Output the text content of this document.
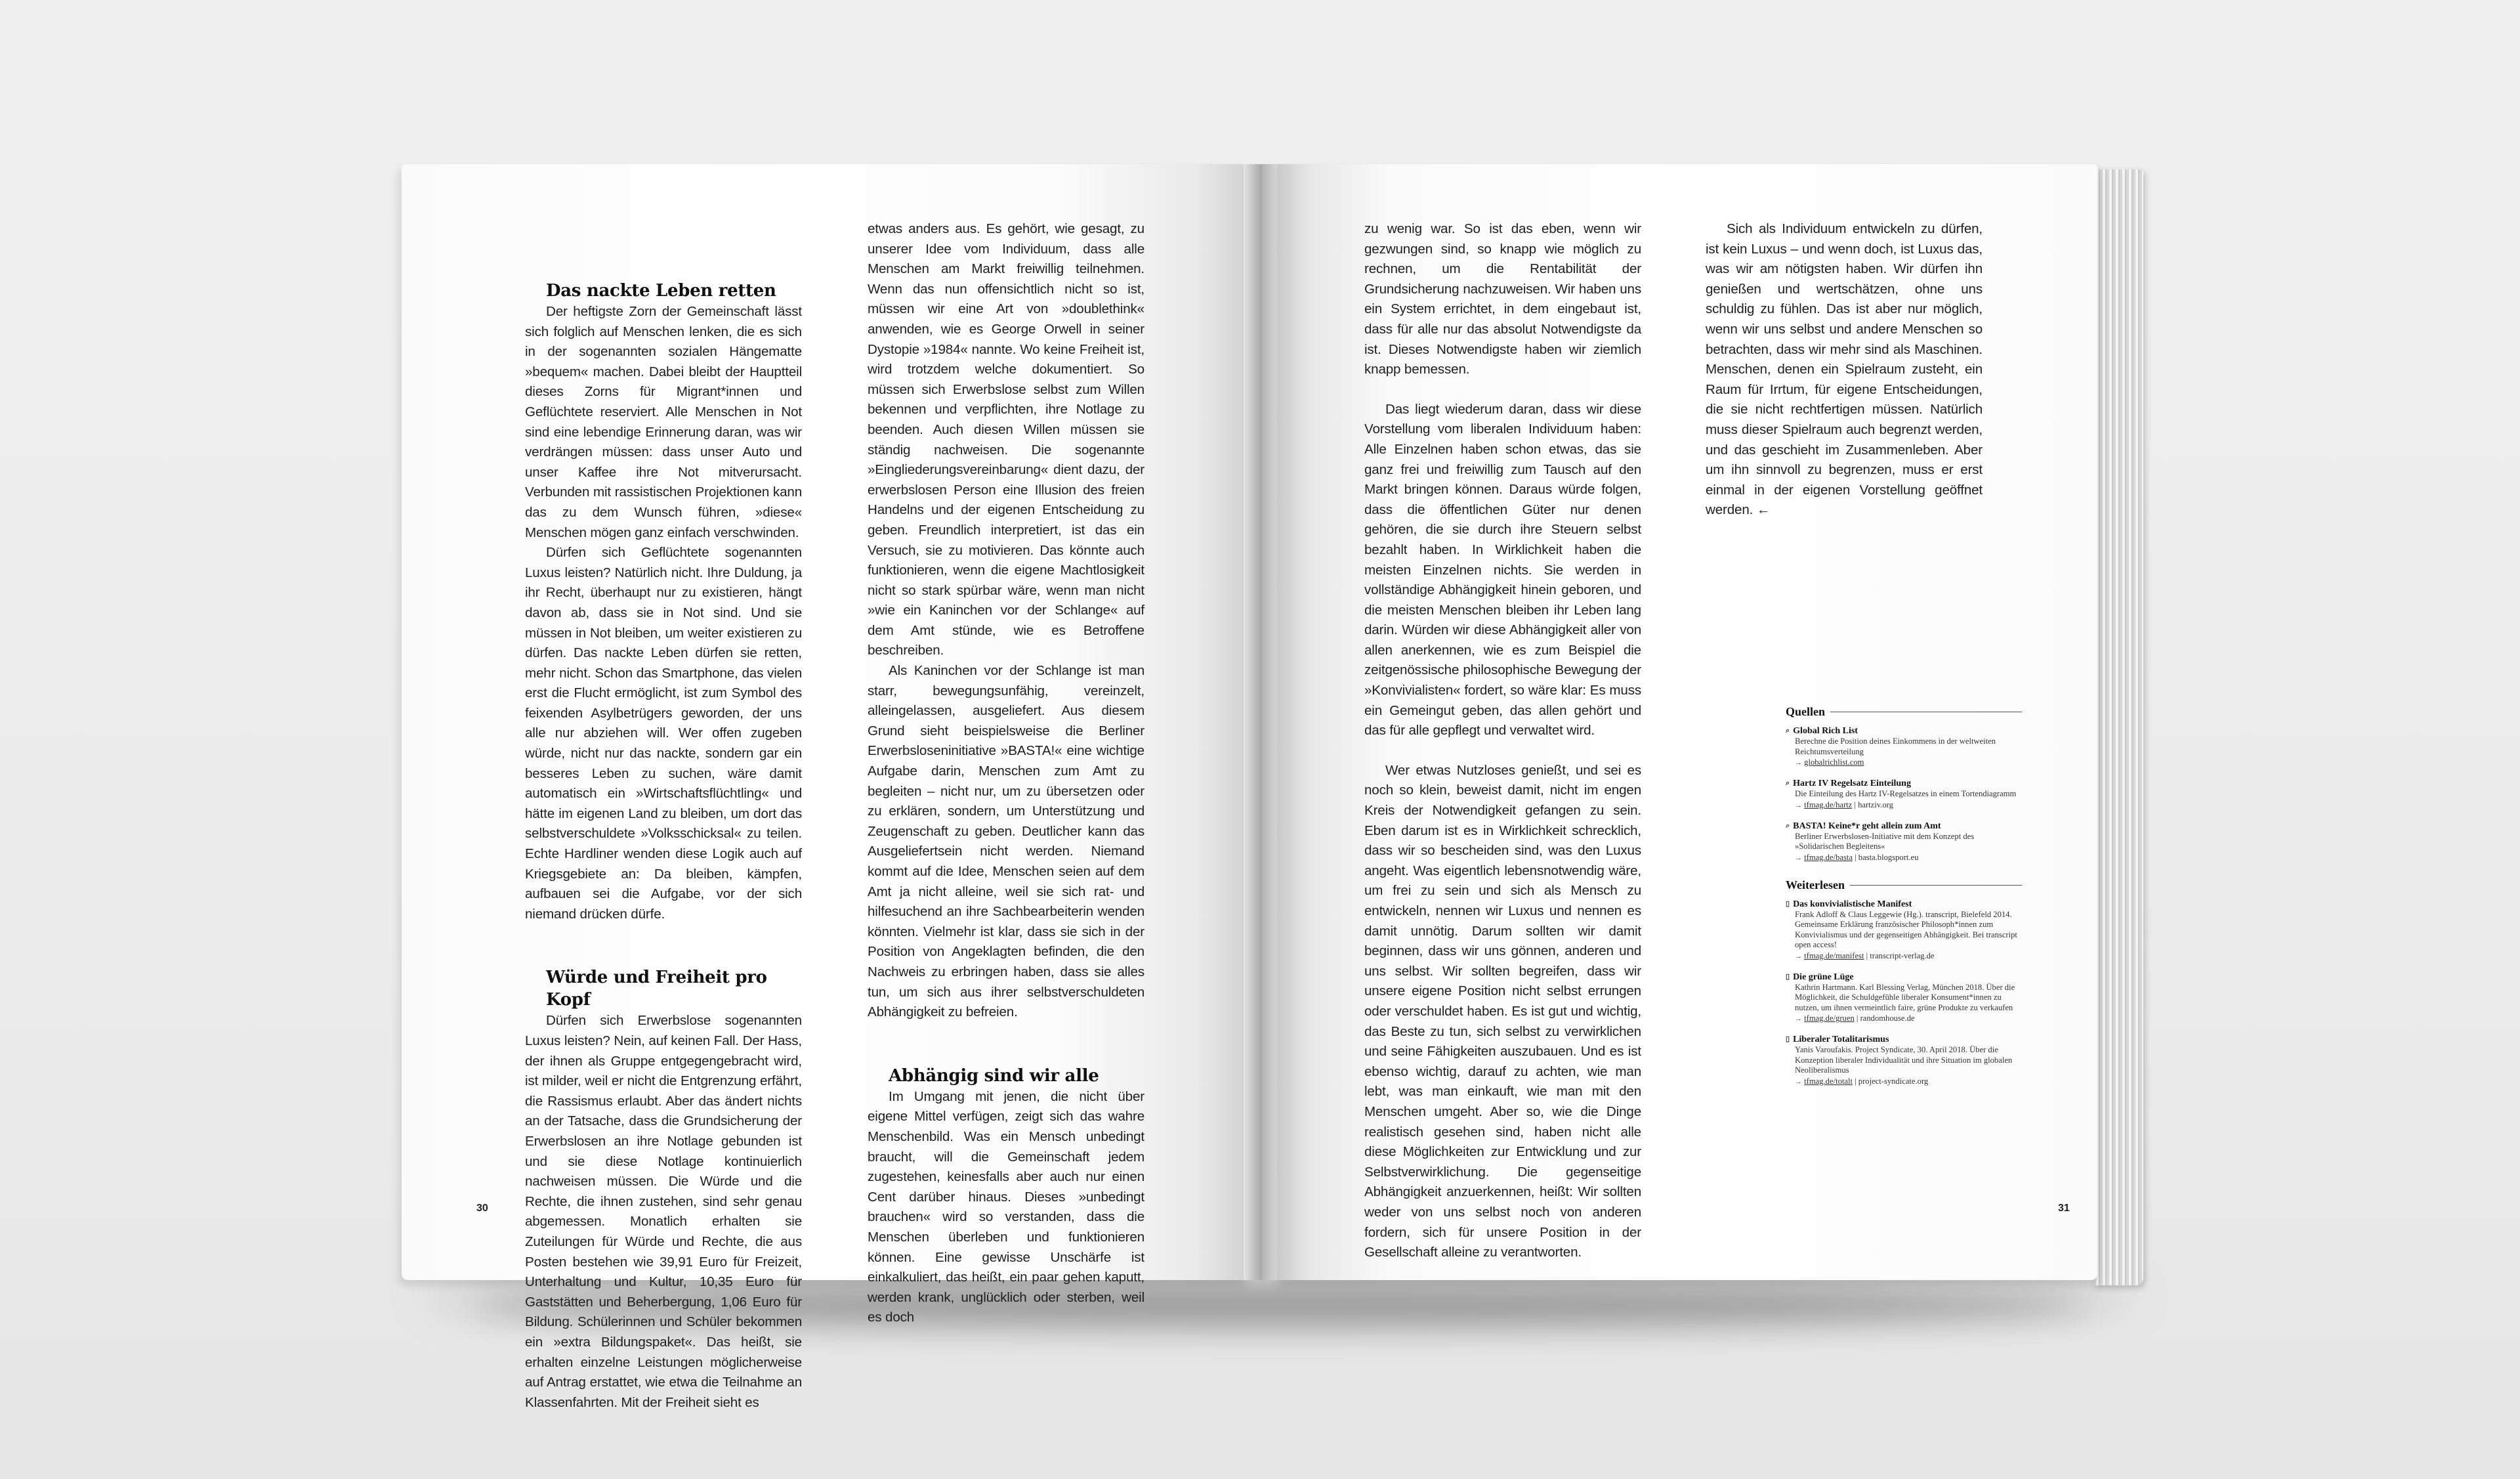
Das nackte Leben retten

Der heftigste Zorn der Gemeinschaft lässt sich folglich auf Menschen lenken, die es sich in der sogenannten sozialen Hängematte »bequem« machen. Dabei bleibt der Hauptteil dieses Zorns für Migrant*innen und Geflüchtete reserviert. Alle Menschen in Not sind eine lebendige Erinnerung daran, was wir verdrängen müssen: dass unser Auto und unser Kaffee ihre Not mitverursacht. Verbunden mit rassistischen Projektionen kann das zu dem Wunsch führen, »diese« Menschen mögen ganz einfach verschwinden.

Dürfen sich Geflüchtete sogenannten Luxus leisten? Natürlich nicht. Ihre Duldung, ja ihr Recht, überhaupt nur zu existieren, hängt davon ab, dass sie in Not sind. Und sie müssen in Not bleiben, um weiter existieren zu dürfen. Das nackte Leben dürfen sie retten, mehr nicht. Schon das Smartphone, das vielen erst die Flucht ermöglicht, ist zum Symbol des feixenden Asylbetrügers geworden, der uns alle nur abziehen will. Wer offen zugeben würde, nicht nur das nackte, sondern gar ein besseres Leben zu suchen, wäre damit automatisch ein »Wirtschaftsflüchtling« und hätte im eigenen Land zu bleiben, um dort das selbstverschuldete »Volksschicksal« zu teilen. Echte Hardliner wenden diese Logik auch auf Kriegsgebiete an: Da bleiben, kämpfen, aufbauen sei die Aufgabe, vor der sich niemand drücken dürfe.

Würde und Freiheit pro Kopf

Dürfen sich Erwerbslose sogenannten Luxus leisten? Nein, auf keinen Fall. Der Hass, der ihnen als Gruppe entgegengebracht wird, ist milder, weil er nicht die Entgrenzung erfährt, die Rassismus erlaubt. Aber das ändert nichts an der Tatsache, dass die Grundsicherung der Erwerbslosen an ihre Notlage gebunden ist und sie diese Notlage kontinuierlich nachweisen müssen. Die Würde und die Rechte, die ihnen zustehen, sind sehr genau abgemessen. Monatlich erhalten sie Zuteilungen für Würde und Rechte, die aus Posten bestehen wie 39,91 Euro für Freizeit, Unterhaltung und Kultur, 10,35 Euro für Gaststätten und Beherbergung, 1,06 Euro für Bildung. Schülerinnen und Schüler bekommen ein »extra Bildungspaket«. Das heißt, sie erhalten einzelne Leistungen möglicherweise auf Antrag erstattet, wie etwa die Teilnahme an Klassenfahrten. Mit der Freiheit sieht es

etwas anders aus. Es gehört, wie gesagt, zu unserer Idee vom Individuum, dass alle Menschen am Markt freiwillig teilnehmen. Wenn das nun offensichtlich nicht so ist, müssen wir eine Art von »doublethink« anwenden, wie es George Orwell in seiner Dystopie »1984« nannte. Wo keine Freiheit ist, wird trotzdem welche dokumentiert. So müssen sich Erwerbslose selbst zum Willen bekennen und verpflichten, ihre Notlage zu beenden. Auch diesen Willen müssen sie ständig nachweisen. Die sogenannte »Eingliederungsvereinbarung« dient dazu, der erwerbslosen Person eine Illusion des freien Handelns und der eigenen Entscheidung zu geben. Freundlich interpretiert, ist das ein Versuch, sie zu motivieren. Das könnte auch funktionieren, wenn die eigene Machtlosigkeit nicht so stark spürbar wäre, wenn man nicht »wie ein Kaninchen vor der Schlange« auf dem Amt stünde, wie es Betroffene beschreiben.

Als Kaninchen vor der Schlange ist man starr, bewegungsunfähig, vereinzelt, alleingelassen, ausgeliefert. Aus diesem Grund sieht beispielsweise die Berliner Erwerbsloseninitiative »BASTA!« eine wichtige Aufgabe darin, Menschen zum Amt zu begleiten – nicht nur, um zu übersetzen oder zu erklären, sondern, um Unterstützung und Zeugenschaft zu geben. Deutlicher kann das Ausgeliefertsein nicht werden. Niemand kommt auf die Idee, Menschen seien auf dem Amt ja nicht alleine, weil sie sich rat- und hilfesuchend an ihre Sachbearbeiterin wenden könnten. Vielmehr ist klar, dass sie sich in der Position von Angeklagten befinden, die den Nachweis zu erbringen haben, dass sie alles tun, um sich aus ihrer selbstverschuldeten Abhängigkeit zu befreien.

Abhängig sind wir alle

Im Umgang mit jenen, die nicht über eigene Mittel verfügen, zeigt sich das wahre Menschenbild. Was ein Mensch unbedingt braucht, will die Gemeinschaft jedem zugestehen, keinesfalls aber auch nur einen Cent darüber hinaus. Dieses »unbedingt brauchen« wird so verstanden, dass die Menschen überleben und funktionieren können. Eine gewisse Unschärfe ist einkalkuliert, das heißt, ein paar gehen kaputt, werden krank, unglücklich oder sterben, weil es doch

30

zu wenig war. So ist das eben, wenn wir gezwungen sind, so knapp wie möglich zu rechnen, um die Rentabilität der Grundsicherung nachzuweisen. Wir haben uns ein System errichtet, in dem eingebaut ist, dass für alle nur das absolut Notwendigste da ist. Dieses Notwendigste haben wir ziemlich knapp bemessen.

Das liegt wiederum daran, dass wir diese Vorstellung vom liberalen Individuum haben: Alle Einzelnen haben schon etwas, das sie ganz frei und freiwillig zum Tausch auf den Markt bringen können. Daraus würde folgen, dass die öffentlichen Güter nur denen gehören, die sie durch ihre Steuern selbst bezahlt haben. In Wirklichkeit haben die meisten Einzelnen nichts. Sie werden in vollständige Abhängigkeit hinein geboren, und die meisten Menschen bleiben ihr Leben lang darin. Würden wir diese Abhängigkeit aller von allen anerkennen, wie es zum Beispiel die zeitgenössische philosophische Bewegung der »Konvivialisten« fordert, so wäre klar: Es muss ein Gemeingut geben, das allen gehört und das für alle gepflegt und verwaltet wird.

Wer etwas Nutzloses genießt, und sei es noch so klein, beweist damit, nicht im engen Kreis der Notwendigkeit gefangen zu sein. Eben darum ist es in Wirklichkeit schrecklich, dass wir so bescheiden sind, was den Luxus angeht. Was eigentlich lebensnotwendig wäre, um frei zu sein und sich als Mensch zu entwickeln, nennen wir Luxus und nennen es damit unnötig. Darum sollten wir damit beginnen, dass wir uns gönnen, anderen und uns selbst. Wir sollten begreifen, dass wir unsere eigene Position nicht selbst errungen oder verschuldet haben. Es ist gut und wichtig, das Beste zu tun, sich selbst zu verwirklichen und seine Fähigkeiten auszubauen. Und es ist ebenso wichtig, darauf zu achten, wie man lebt, was man einkauft, wie man mit den Menschen umgeht. Aber so, wie die Dinge realistisch gesehen sind, haben nicht alle diese Möglichkeiten zur Entwicklung und zur Selbstverwirklichung. Die gegenseitige Abhängigkeit anzuerkennen, heißt: Wir sollten weder von uns selbst noch von anderen fordern, sich für unsere Position in der Gesellschaft alleine zu verantworten.

Sich als Individuum entwickeln zu dürfen, ist kein Luxus – und wenn doch, ist Luxus das, was wir am nötigsten haben. Wir dürfen ihn genießen und wertschätzen, ohne uns schuldig zu fühlen. Das ist aber nur möglich, wenn wir uns selbst und andere Menschen so betrachten, dass wir mehr sind als Maschinen. Menschen, denen ein Spielraum zusteht, ein Raum für Irrtum, für eigene Entscheidungen, die sie nicht rechtfertigen müssen. Natürlich muss dieser Spielraum auch begrenzt werden, und das geschieht im Zusammenleben. Aber um ihn sinnvoll zu begrenzen, muss er erst einmal in der eigenen Vorstellung geöffnet werden. ←

Quellen
⌕ Global Rich List
Berechne die Position deines Einkommens in der weltweiten Reichtumsverteilung
→ globalrichlist.com
⌕ Hartz IV Regelsatz Einteilung
Die Einteilung des Hartz IV-Regelsatzes in einem Tortendiagramm
→ tfmag.de/hartz | hartziv.org
⌕ BASTA! Keine*r geht allein zum Amt
Berliner Erwerbslosen-Initiative mit dem Konzept des »Solidarischen Begleitens«
→ tfmag.de/basta | basta.blogsport.eu
Weiterlesen
▯ Das konvivialistische Manifest
Frank Adloff & Claus Leggewie (Hg.). transcript, Bielefeld 2014. Gemeinsame Erklärung französischer Philosoph*innen zum Konvivialismus und der gegenseitigen Abhängigkeit. Bei transcript open access!
→ tfmag.de/manifest | transcript-verlag.de
▯ Die grüne Lüge
Kathrin Hartmann. Karl Blessing Verlag, München 2018. Über die Möglichkeit, die Schuldgefühle liberaler Konsument*innen zu nutzen, um ihnen vermeintlich faire, grüne Produkte zu verkaufen
→ tfmag.de/gruen | randomhouse.de
▯ Liberaler Totalitarismus
Yanis Varoufakis. Project Syndicate, 30. April 2018. Über die Konzeption liberaler Individualität und ihre Situation im globalen Neoliberalismus
→ tfmag.de/totalt | project-syndicate.org
31
